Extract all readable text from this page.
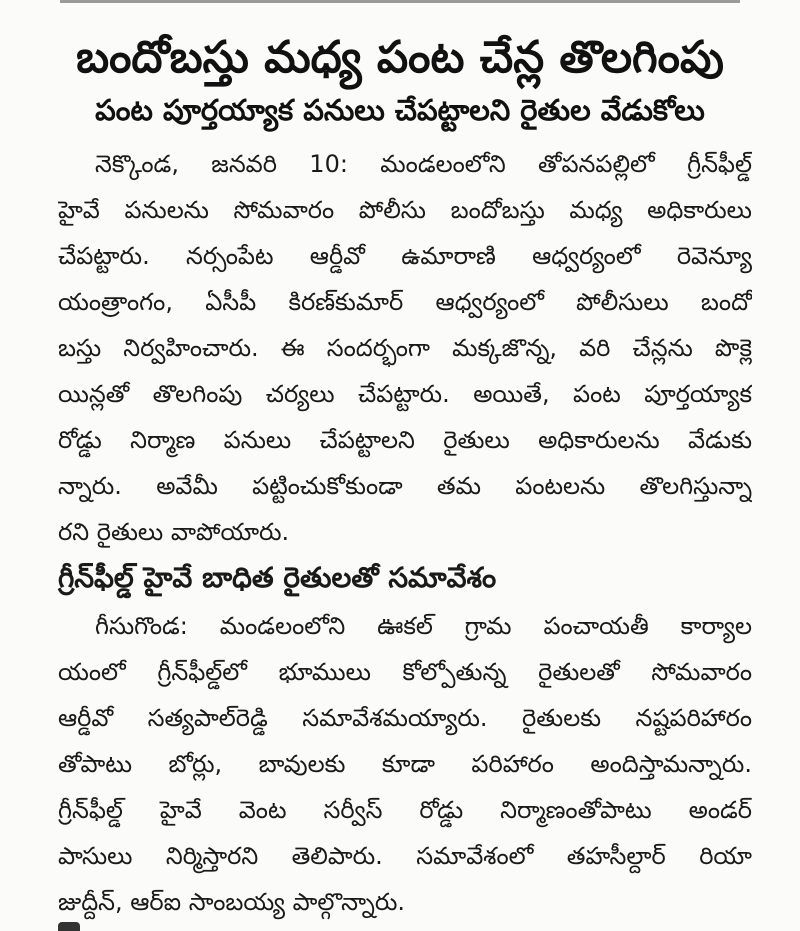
బందోబస్తు మధ్య పంట చేన్ల తొలగింపు
పంట పూర్తయ్యాక పనులు చేపట్టాలని రైతుల వేడుకోలు
నెక్కొండ, జనవరి 10: మండలంలోని తోపనపల్లిలో గ్రీన్‌ఫీల్డ్
హైవే పనులను సోమవారం పోలీసు బందోబస్తు మధ్య అధికారులు
చేపట్టారు. నర్సంపేట ఆర్డీవో ఉమారాణి ఆధ్వర్యంలో రెవెన్యూ
యంత్రాంగం, ఏసీపీ కిరణ్‌కుమార్ ఆధ్వర్యంలో పోలీసులు బందో
బస్తు నిర్వహించారు. ఈ సందర్భంగా మక్కజొన్న, వరి చేన్లను పొక్లె
యిన్లతో తొలగింపు చర్యలు చేపట్టారు. అయితే, పంట పూర్తయ్యాక
రోడ్డు నిర్మాణ పనులు చేపట్టాలని రైతులు అధికారులను వేడుకు
న్నారు. అవేమీ పట్టించుకోకుండా తమ పంటలను తొలగిస్తున్నా
రని రైతులు వాపోయారు.
గ్రీన్‌ఫీల్డ్ హైవే బాధిత రైతులతో సమావేశం
గీసుగొండ: మండలంలోని ఊకల్ గ్రామ పంచాయతీ కార్యాల
యంలో గ్రీన్‌ఫీల్డ్‌లో భూములు కోల్పోతున్న రైతులతో సోమవారం
ఆర్డీవో సత్యపాల్‌రెడ్డి సమావేశమయ్యారు. రైతులకు నష్టపరిహారం
తోపాటు బోర్లు, బావులకు కూడా పరిహారం అందిస్తామన్నారు.
గ్రీన్‌ఫీల్డ్ హైవే వెంట సర్వీస్ రోడ్డు నిర్మాణంతోపాటు అండర్
పాసులు నిర్మిస్తారని తెలిపారు. సమావేశంలో తహసీల్దార్ రియా
జుద్దీన్, ఆర్ఐ సాంబయ్య పాల్గొన్నారు.
